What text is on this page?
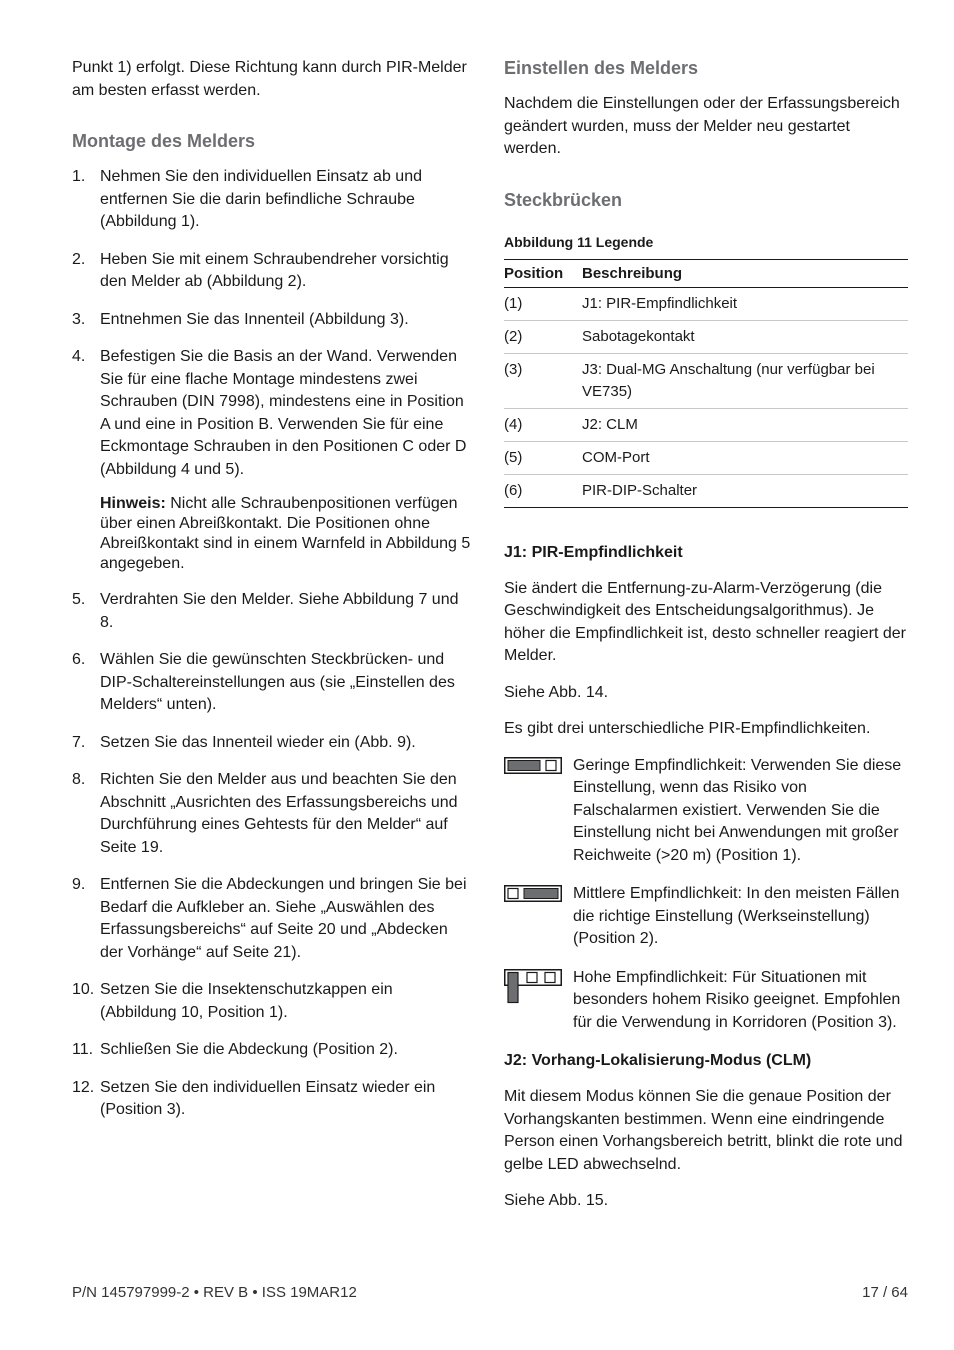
Punkt 1) erfolgt. Diese Richtung kann durch PIR-Melder am besten erfasst werden.

Montage des Melders
1. Nehmen Sie den individuellen Einsatz ab und entfernen Sie die darin befindliche Schraube (Abbildung 1).
2. Heben Sie mit einem Schraubendreher vorsichtig den Melder ab (Abbildung 2).
3. Entnehmen Sie das Innenteil (Abbildung 3).
4. Befestigen Sie die Basis an der Wand. Verwenden Sie für eine flache Montage mindestens zwei Schrauben (DIN 7998), mindestens eine in Position A und eine in Position B. Verwenden Sie für eine Eckmontage Schrauben in den Positionen C oder D (Abbildung 4 und 5).

Hinweis: Nicht alle Schraubenpositionen verfügen über einen Abreißkontakt. Die Positionen ohne Abreißkontakt sind in einem Warnfeld in Abbildung 5 angegeben.

5. Verdrahten Sie den Melder. Siehe Abbildung 7 und 8.
6. Wählen Sie die gewünschten Steckbrücken- und DIP-Schaltereinstellungen aus (sie „Einstellen des Melders“ unten).
7. Setzen Sie das Innenteil wieder ein (Abb. 9).
8. Richten Sie den Melder aus und beachten Sie den Abschnitt „Ausrichten des Erfassungsbereichs und Durchführung eines Gehtests für den Melder“ auf Seite 19.
9. Entfernen Sie die Abdeckungen und bringen Sie bei Bedarf die Aufkleber an. Siehe „Auswählen des Erfassungsbereichs“ auf Seite 20 und „Abdecken der Vorhänge“ auf Seite 21).
10. Setzen Sie die Insektenschutzkappen ein (Abbildung 10, Position 1).
11. Schließen Sie die Abdeckung (Position 2).
12. Setzen Sie den individuellen Einsatz wieder ein (Position 3).
Einstellen des Melders

Nachdem die Einstellungen oder der Erfassungsbereich geändert wurden, muss der Melder neu gestartet werden.

Steckbrücken
Abbildung 11 Legende
Position	Beschreibung
(1)	J1: PIR-Empfindlichkeit
(2)	Sabotagekontakt
(3)	J3: Dual-MG Anschaltung (nur verfügbar bei VE735)
(4)	J2: CLM
(5)	COM-Port
(6)	PIR-DIP-Schalter
J1: PIR-Empfindlichkeit

Sie ändert die Entfernung-zu-Alarm-Verzögerung (die Geschwindigkeit des Entscheidungsalgorithmus). Je höher die Empfindlichkeit ist, desto schneller reagiert der Melder.

Siehe Abb. 14.

Es gibt drei unterschiedliche PIR-Empfindlichkeiten.

Geringe Empfindlichkeit: Verwenden Sie diese Einstellung, wenn das Risiko von Falschalarmen existiert. Verwenden Sie die Einstellung nicht bei Anwendungen mit großer Reichweite (>20 m) (Position 1).
Mittlere Empfindlichkeit: In den meisten Fällen die richtige Einstellung (Werkseinstellung) (Position 2).
Hohe Empfindlichkeit: Für Situationen mit besonders hohem Risiko geeignet. Empfohlen für die Verwendung in Korridoren (Position 3).
J2: Vorhang-Lokalisierung-Modus (CLM)

Mit diesem Modus können Sie die genaue Position der Vorhangskanten bestimmen. Wenn eine eindringende Person einen Vorhangsbereich betritt, blinkt die rote und gelbe LED abwechselnd.

Siehe Abb. 15.

P/N 145797999-2 • REV B • ISS 19MAR12	17 / 64
